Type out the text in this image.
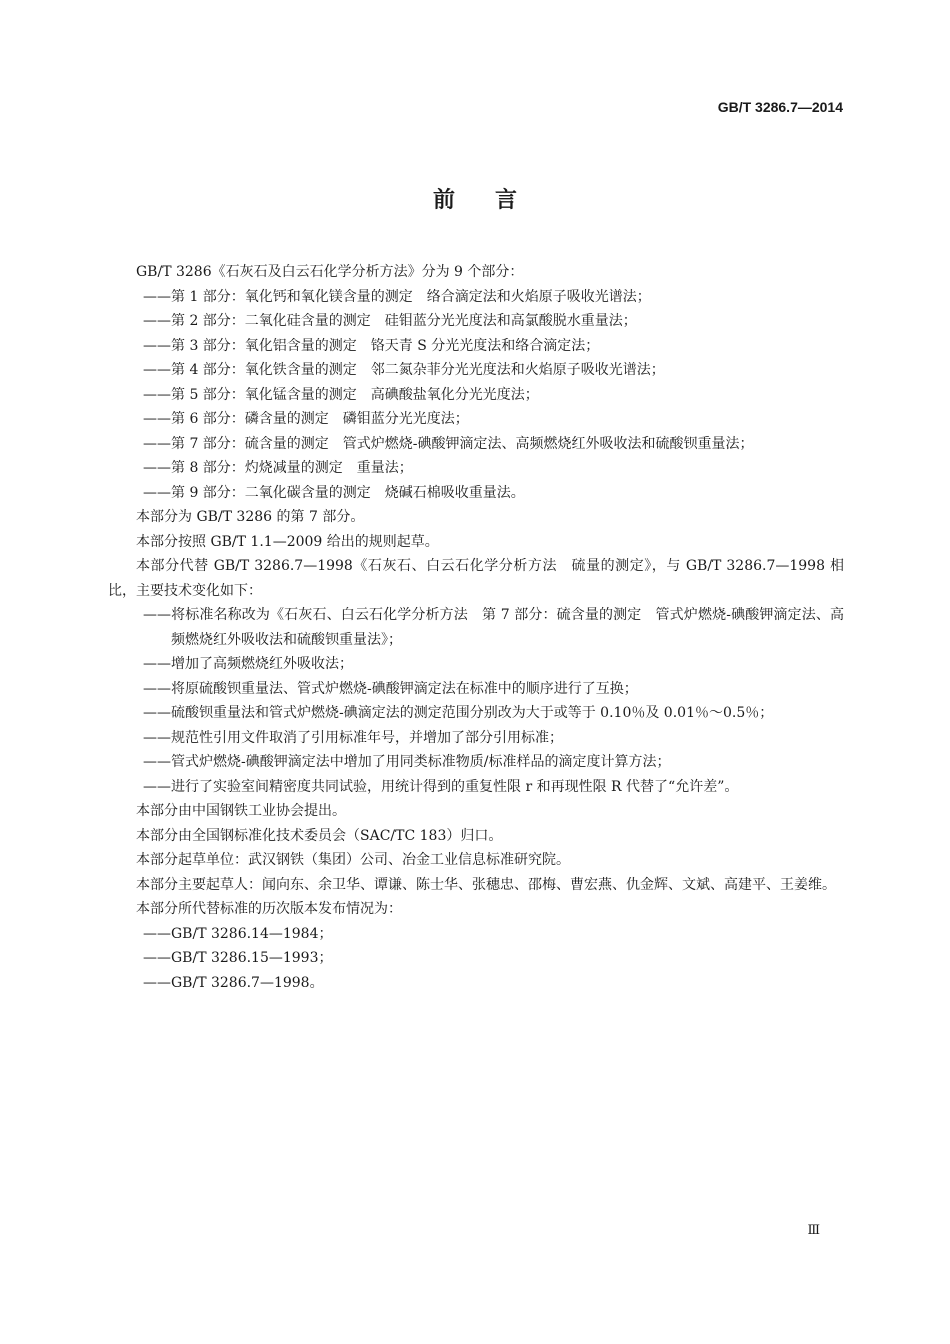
GB/T 3286.7—2014
前言

GB/T 3286《石灰石及白云石化学分析方法》分为 9 个部分：

——第 1 部分：氧化钙和氧化镁含量的测定　络合滴定法和火焰原子吸收光谱法；

——第 2 部分：二氧化硅含量的测定　硅钼蓝分光光度法和高氯酸脱水重量法；

——第 3 部分：氧化铝含量的测定　铬天青 S 分光光度法和络合滴定法；

——第 4 部分：氧化铁含量的测定　邻二氮杂菲分光光度法和火焰原子吸收光谱法；

——第 5 部分：氧化锰含量的测定　高碘酸盐氧化分光光度法；

——第 6 部分：磷含量的测定　磷钼蓝分光光度法；

——第 7 部分：硫含量的测定　管式炉燃烧-碘酸钾滴定法、高频燃烧红外吸收法和硫酸钡重量法；

——第 8 部分：灼烧减量的测定　重量法；

——第 9 部分：二氧化碳含量的测定　烧碱石棉吸收重量法。

本部分为 GB/T 3286 的第 7 部分。

本部分按照 GB/T 1.1—2009 给出的规则起草。

本部分代替 GB/T 3286.7—1998《石灰石、白云石化学分析方法　硫量的测定》，与 GB/T 3286.7—1998 相比，主要技术变化如下：

——将标准名称改为《石灰石、白云石化学分析方法　第 7 部分：硫含量的测定　管式炉燃烧-碘酸钾滴定法、高频燃烧红外吸收法和硫酸钡重量法》；

——增加了高频燃烧红外吸收法；

——将原硫酸钡重量法、管式炉燃烧-碘酸钾滴定法在标准中的顺序进行了互换；

——硫酸钡重量法和管式炉燃烧-碘滴定法的测定范围分别改为大于或等于 0.10％及 0.01％～0.5％；

——规范性引用文件取消了引用标准年号，并增加了部分引用标准；

——管式炉燃烧-碘酸钾滴定法中增加了用同类标准物质/标准样品的滴定度计算方法；

——进行了实验室间精密度共同试验，用统计得到的重复性限 r 和再现性限 R 代替了“允许差”。

本部分由中国钢铁工业协会提出。

本部分由全国钢标准化技术委员会（SAC/TC 183）归口。

本部分起草单位：武汉钢铁（集团）公司、冶金工业信息标准研究院。

本部分主要起草人：闻向东、余卫华、谭谦、陈士华、张穗忠、邵梅、曹宏燕、仇金辉、文斌、高建平、王姜维。

本部分所代替标准的历次版本发布情况为：

——GB/T 3286.14—1984；

——GB/T 3286.15—1993；

——GB/T 3286.7—1998。

Ⅲ
